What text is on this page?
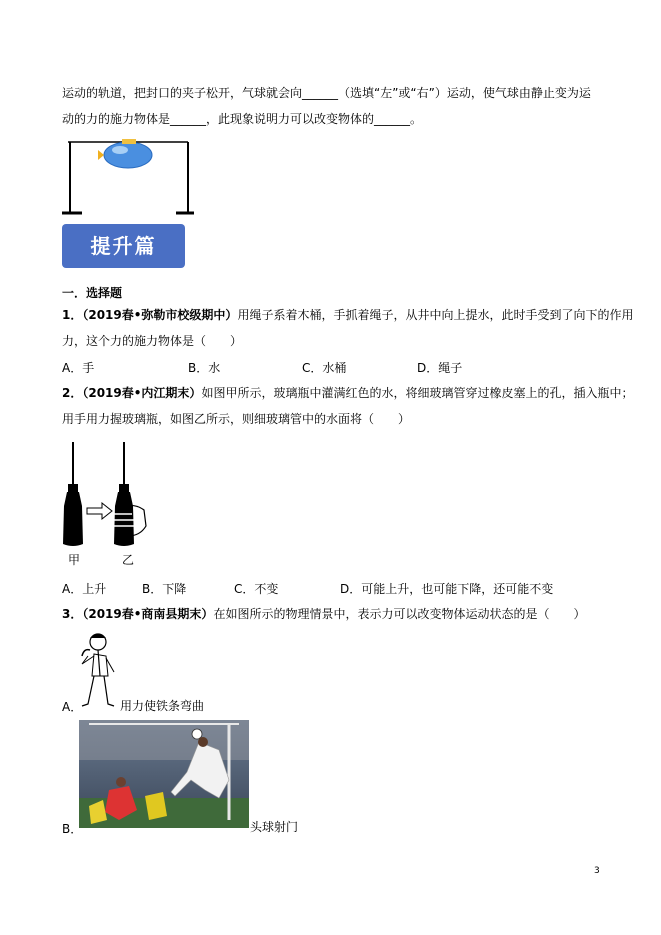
运动的轨道，把封口的夹子松开，气球就会向______（选填“左”或“右”）运动，使气球由静止变为运
动的力的施力物体是______，此现象说明力可以改变物体的______。
提升篇
一．选择题
1．（2019春•弥勒市校级期中）用绳子系着木桶，手抓着绳子，从井中向上提水，此时手受到了向下的作用
力，这个力的施力物体是（　　）
A．手	B．水	C．水桶	D．绳子
2．（2019春•内江期末）如图甲所示，玻璃瓶中灌满红色的水，将细玻璃管穿过橡皮塞上的孔，插入瓶中；
用手用力握玻璃瓶，如图乙所示，则细玻璃管中的水面将（　　）
甲	乙
A．上升	B．下降	C．不变	D．可能上升，也可能下降，还可能不变
3．（2019春•商南县期末）在如图所示的物理情景中，表示力可以改变物体运动状态的是（　　）
A．	用力使铁条弯曲
B．	头球射门
3
